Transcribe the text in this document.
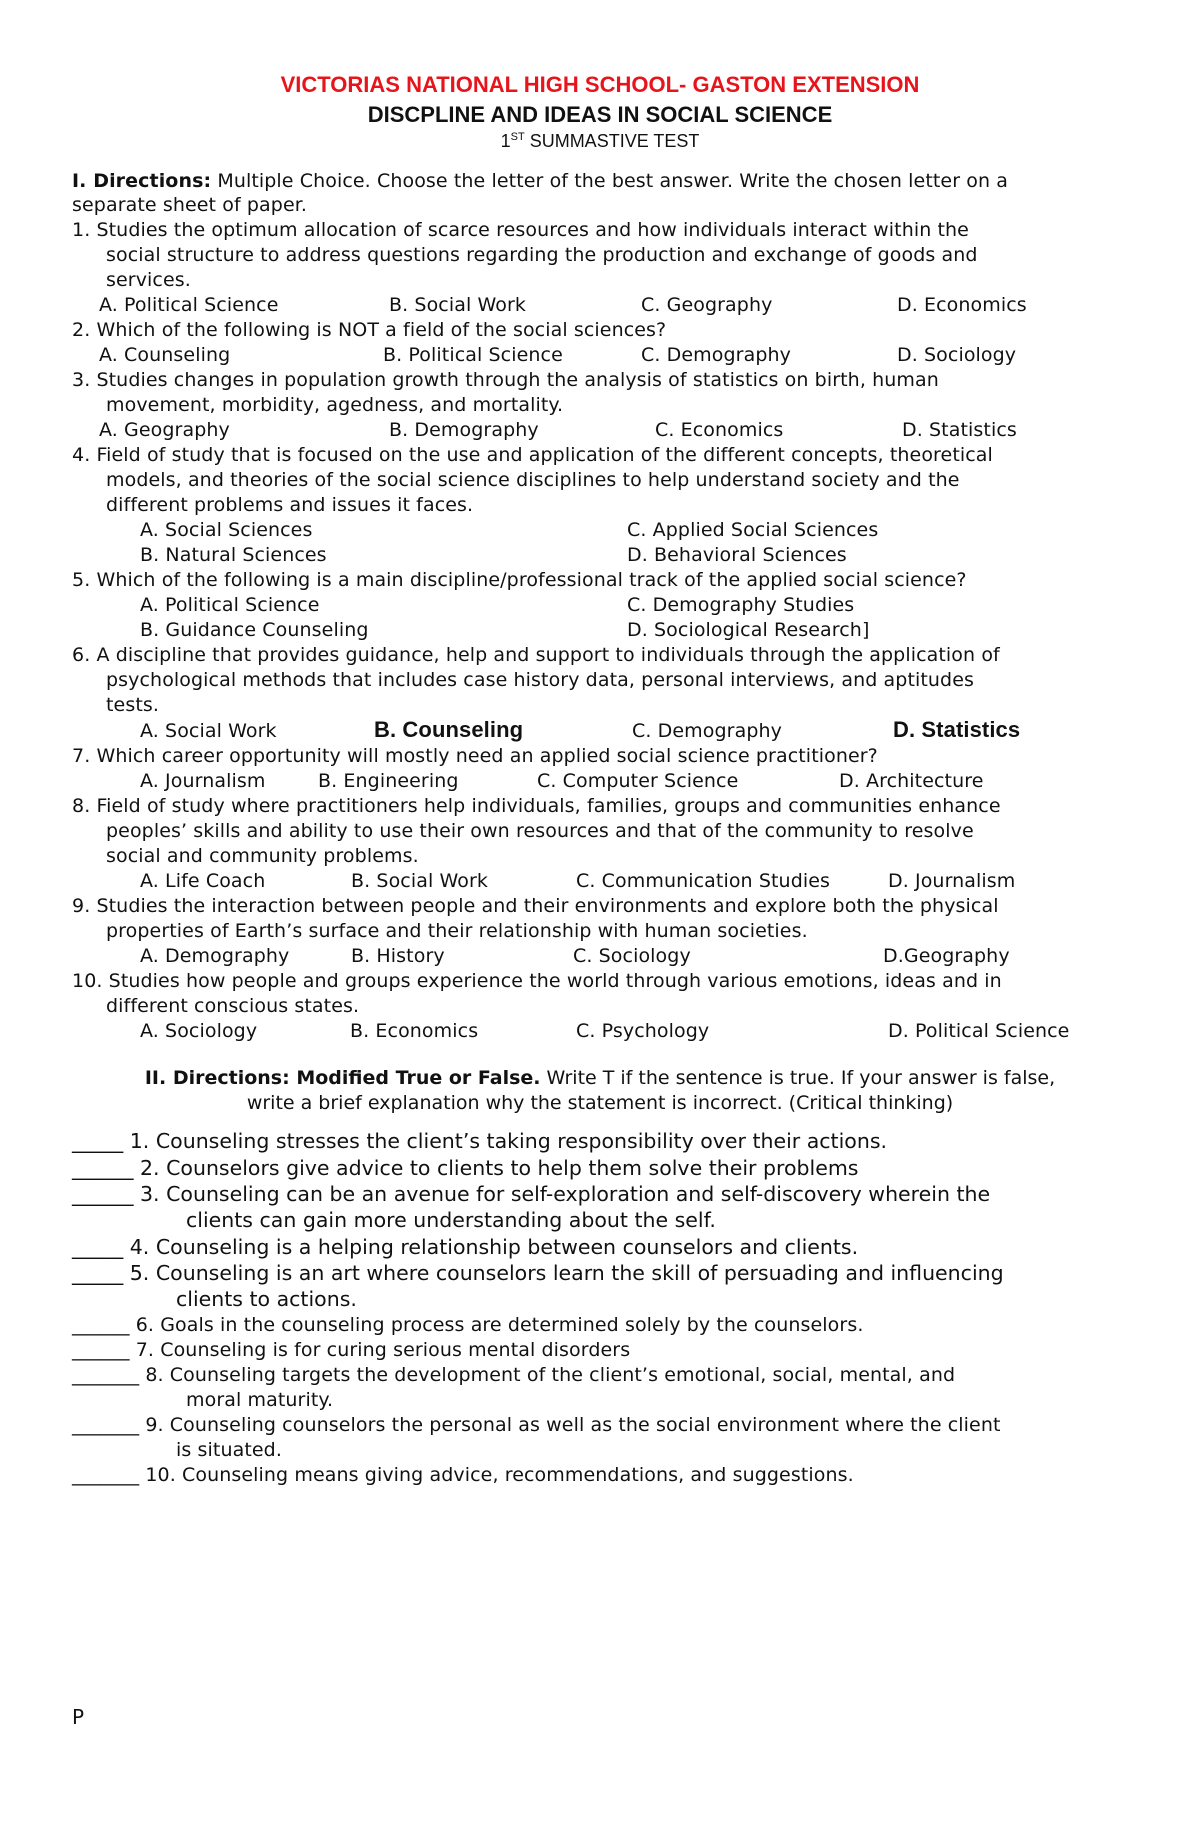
VICTORIAS NATIONAL HIGH SCHOOL- GASTON EXTENSION
DISCPLINE AND IDEAS IN SOCIAL SCIENCE
1ST SUMMASTIVE TEST
I. Directions: Multiple Choice. Choose the letter of the best answer. Write the chosen letter on a
separate sheet of paper.
1. Studies the optimum allocation of scarce resources and how individuals interact within the
social structure to address questions regarding the production and exchange of goods and
services.
A. Political Science	B. Social Work	C. Geography	D. Economics
2. Which of the following is NOT a field of the social sciences?
A. Counseling	B. Political Science	C. Demography	D. Sociology
3. Studies changes in population growth through the analysis of statistics on birth, human
movement, morbidity, agedness, and mortality.
A. Geography	B. Demography	C. Economics	D. Statistics
4. Field of study that is focused on the use and application of the different concepts, theoretical
models, and theories of the social science disciplines to help understand society and the
different problems and issues it faces.
A. Social Sciences	C. Applied Social Sciences
B. Natural Sciences	D. Behavioral Sciences
5. Which of the following is a main discipline/professional track of the applied social science?
A. Political Science	C. Demography Studies
B. Guidance Counseling	D. Sociological Research]
6. A discipline that provides guidance, help and support to individuals through the application of
psychological methods that includes case history data, personal interviews, and aptitudes
tests.
A. Social Work	B. Counseling	C. Demography	D. Statistics
7. Which career opportunity will mostly need an applied social science practitioner?
A. Journalism	B. Engineering	C. Computer Science	D. Architecture
8. Field of study where practitioners help individuals, families, groups and communities enhance
peoples’ skills and ability to use their own resources and that of the community to resolve
social and community problems.
A. Life Coach	B. Social Work	C. Communication Studies	D. Journalism
9. Studies the interaction between people and their environments and explore both the physical
properties of Earth’s surface and their relationship with human societies.
A. Demography	B. History	C. Sociology	D.Geography
10. Studies how people and groups experience the world through various emotions, ideas and in
different conscious states.
A. Sociology	B. Economics	C. Psychology	D. Political Science
II. Directions: Modified True or False. Write T if the sentence is true. If your answer is false,
write a brief explanation why the statement is incorrect. (Critical thinking)
_____ 1. Counseling stresses the client’s taking responsibility over their actions.
______ 2. Counselors give advice to clients to help them solve their problems
______ 3. Counseling can be an avenue for self-exploration and self-discovery wherein the
clients can gain more understanding about the self.
_____ 4. Counseling is a helping relationship between counselors and clients.
_____ 5. Counseling is an art where counselors learn the skill of persuading and influencing
clients to actions.
______ 6. Goals in the counseling process are determined solely by the counselors.
______ 7. Counseling is for curing serious mental disorders
_______ 8. Counseling targets the development of the client’s emotional, social, mental, and
moral maturity.
_______ 9. Counseling counselors the personal as well as the social environment where the client
is situated.
_______ 10. Counseling means giving advice, recommendations, and suggestions.
P
